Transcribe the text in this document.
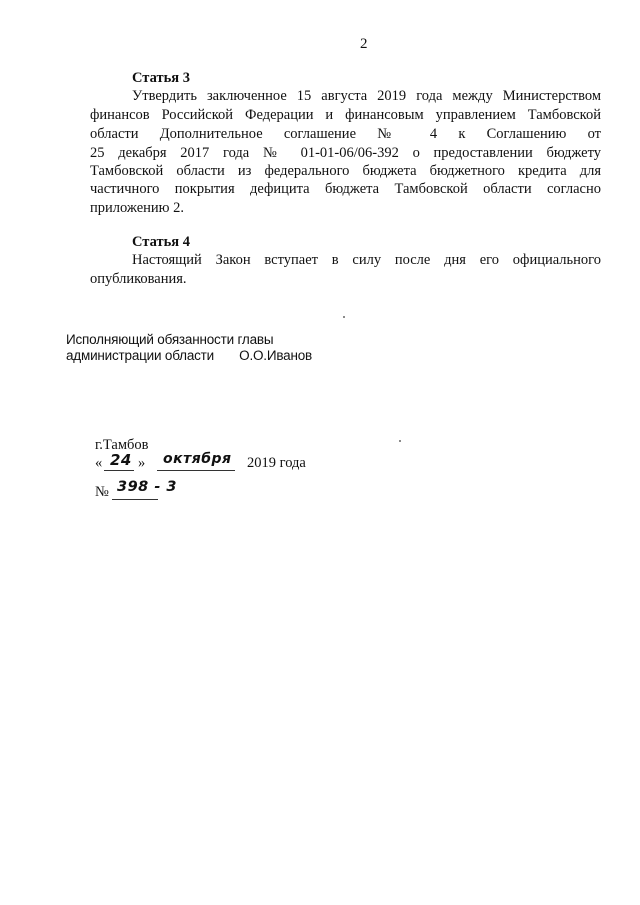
2
Статья 3
Утвердить заключенное 15 августа 2019 года между Министерством
финансов Российской Федерации и финансовым управлением Тамбовской
области Дополнительное соглашение № 4 к Соглашению от
25 декабря 2017 года № 01-01-06/06-392 о предоставлении бюджету
Тамбовской области из федерального бюджета бюджетного кредита для
частичного покрытия дефицита бюджета Тамбовской области согласно
приложению 2.
Статья 4
Настоящий Закон вступает в силу после дня его официального
опубликования.
Исполняющий обязанности главы
администрации области О.О.Иванов
г.Тамбов
« 24 » октября 2019 года
№ 398 - 3
